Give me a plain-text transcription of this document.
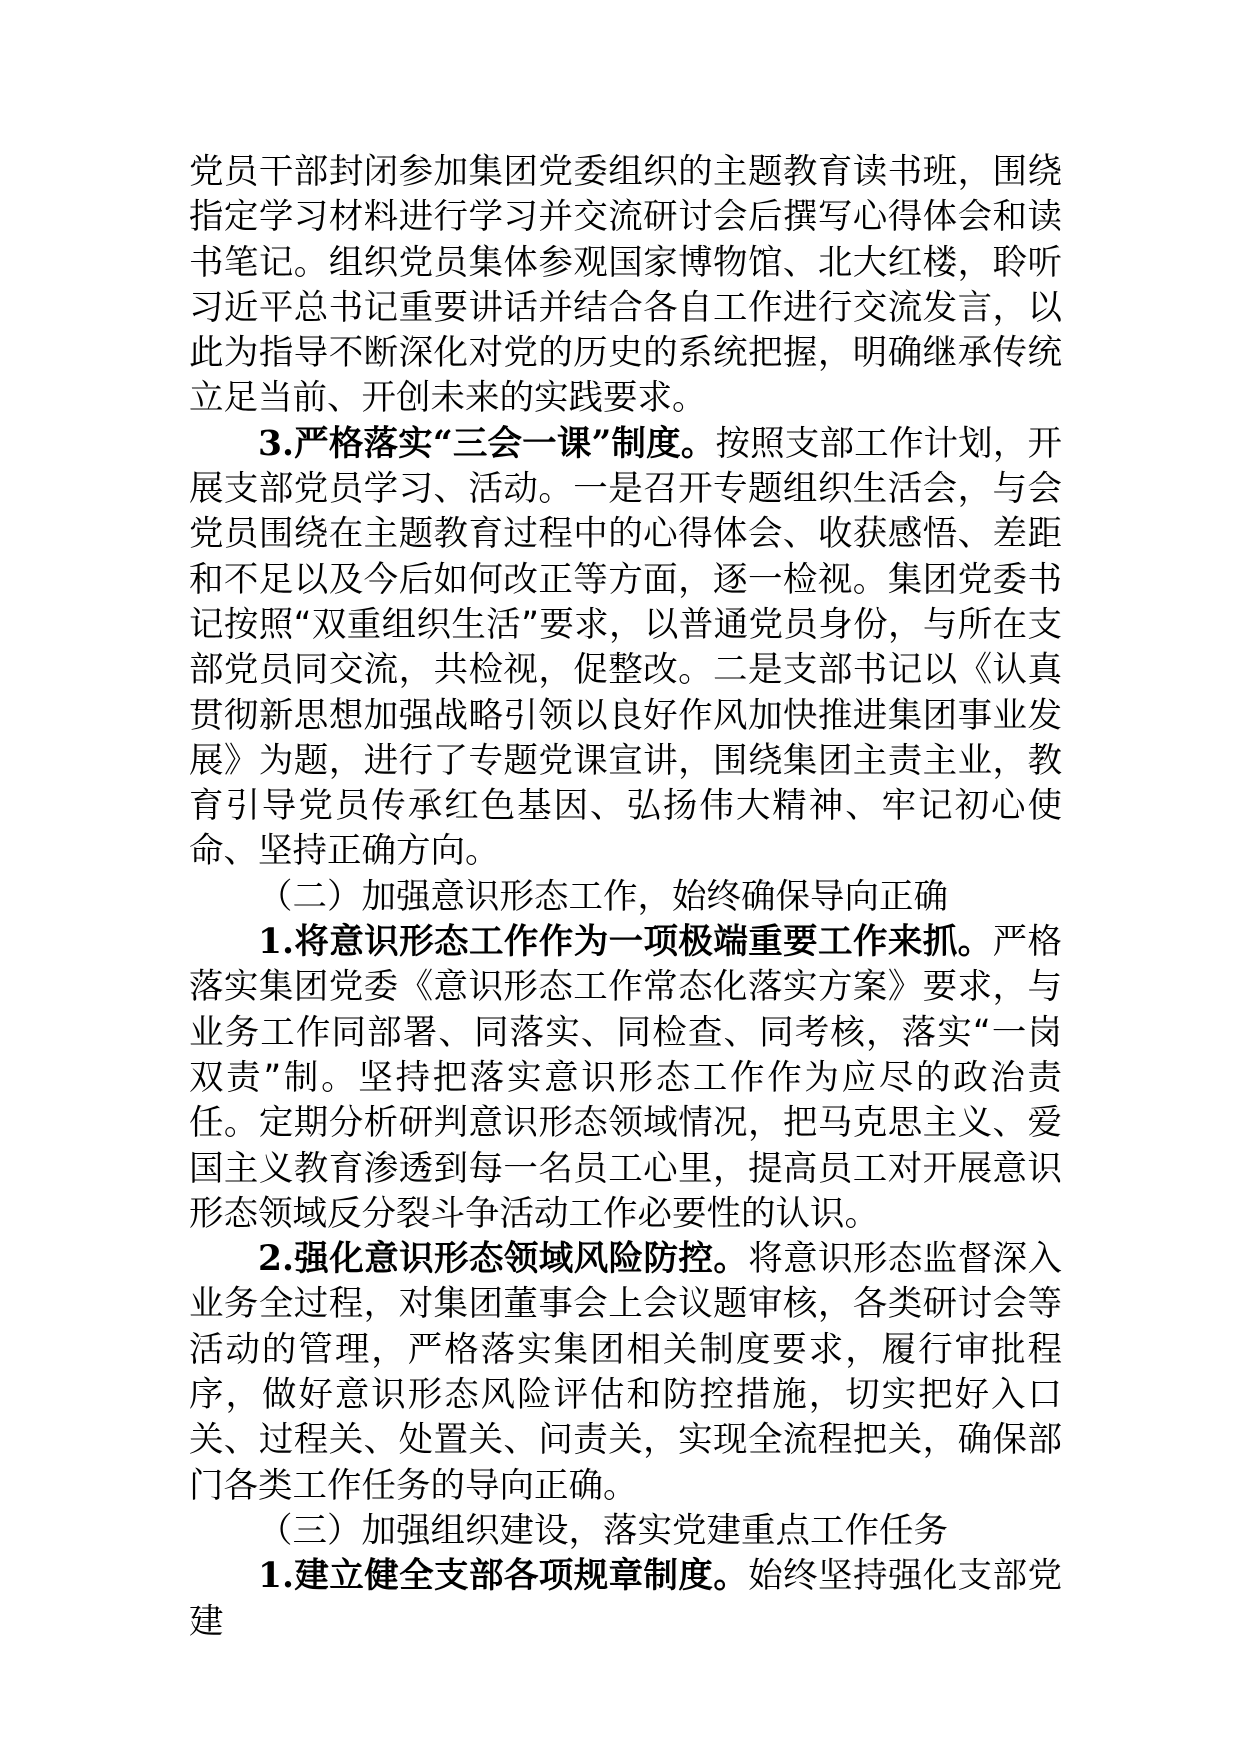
党员干部封闭参加集团党委组织的主题教育读书班，围绕指定学习材料进行学习并交流研讨会后撰写心得体会和读书笔记。组织党员集体参观国家博物馆、北大红楼，聆听习近平总书记重要讲话并结合各自工作进行交流发言，以此为指导不断深化对党的历史的系统把握，明确继承传统立足当前、开创未来的实践要求。

3.严格落实“三会一课”制度。按照支部工作计划，开展支部党员学习、活动。一是召开专题组织生活会，与会党员围绕在主题教育过程中的心得体会、收获感悟、差距和不足以及今后如何改正等方面，逐一检视。集团党委书记按照“双重组织生活”要求，以普通党员身份，与所在支部党员同交流，共检视，促整改。二是支部书记以《认真贯彻新思想加强战略引领以良好作风加快推进集团事业发展》为题，进行了专题党课宣讲，围绕集团主责主业，教育引导党员传承红色基因、弘扬伟大精神、牢记初心使命、坚持正确方向。

（二）加强意识形态工作，始终确保导向正确

1.将意识形态工作作为一项极端重要工作来抓。严格落实集团党委《意识形态工作常态化落实方案》要求，与业务工作同部署、同落实、同检查、同考核，落实“一岗双责”制。坚持把落实意识形态工作作为应尽的政治责任。定期分析研判意识形态领域情况，把马克思主义、爱国主义教育渗透到每一名员工心里，提高员工对开展意识形态领域反分裂斗争活动工作必要性的认识。

2.强化意识形态领域风险防控。将意识形态监督深入业务全过程，对集团董事会上会议题审核，各类研讨会等活动的管理，严格落实集团相关制度要求，履行审批程序，做好意识形态风险评估和防控措施，切实把好入口关、过程关、处置关、问责关，实现全流程把关，确保部门各类工作任务的导向正确。

（三）加强组织建设，落实党建重点工作任务

1.建立健全支部各项规章制度。始终坚持强化支部党建
